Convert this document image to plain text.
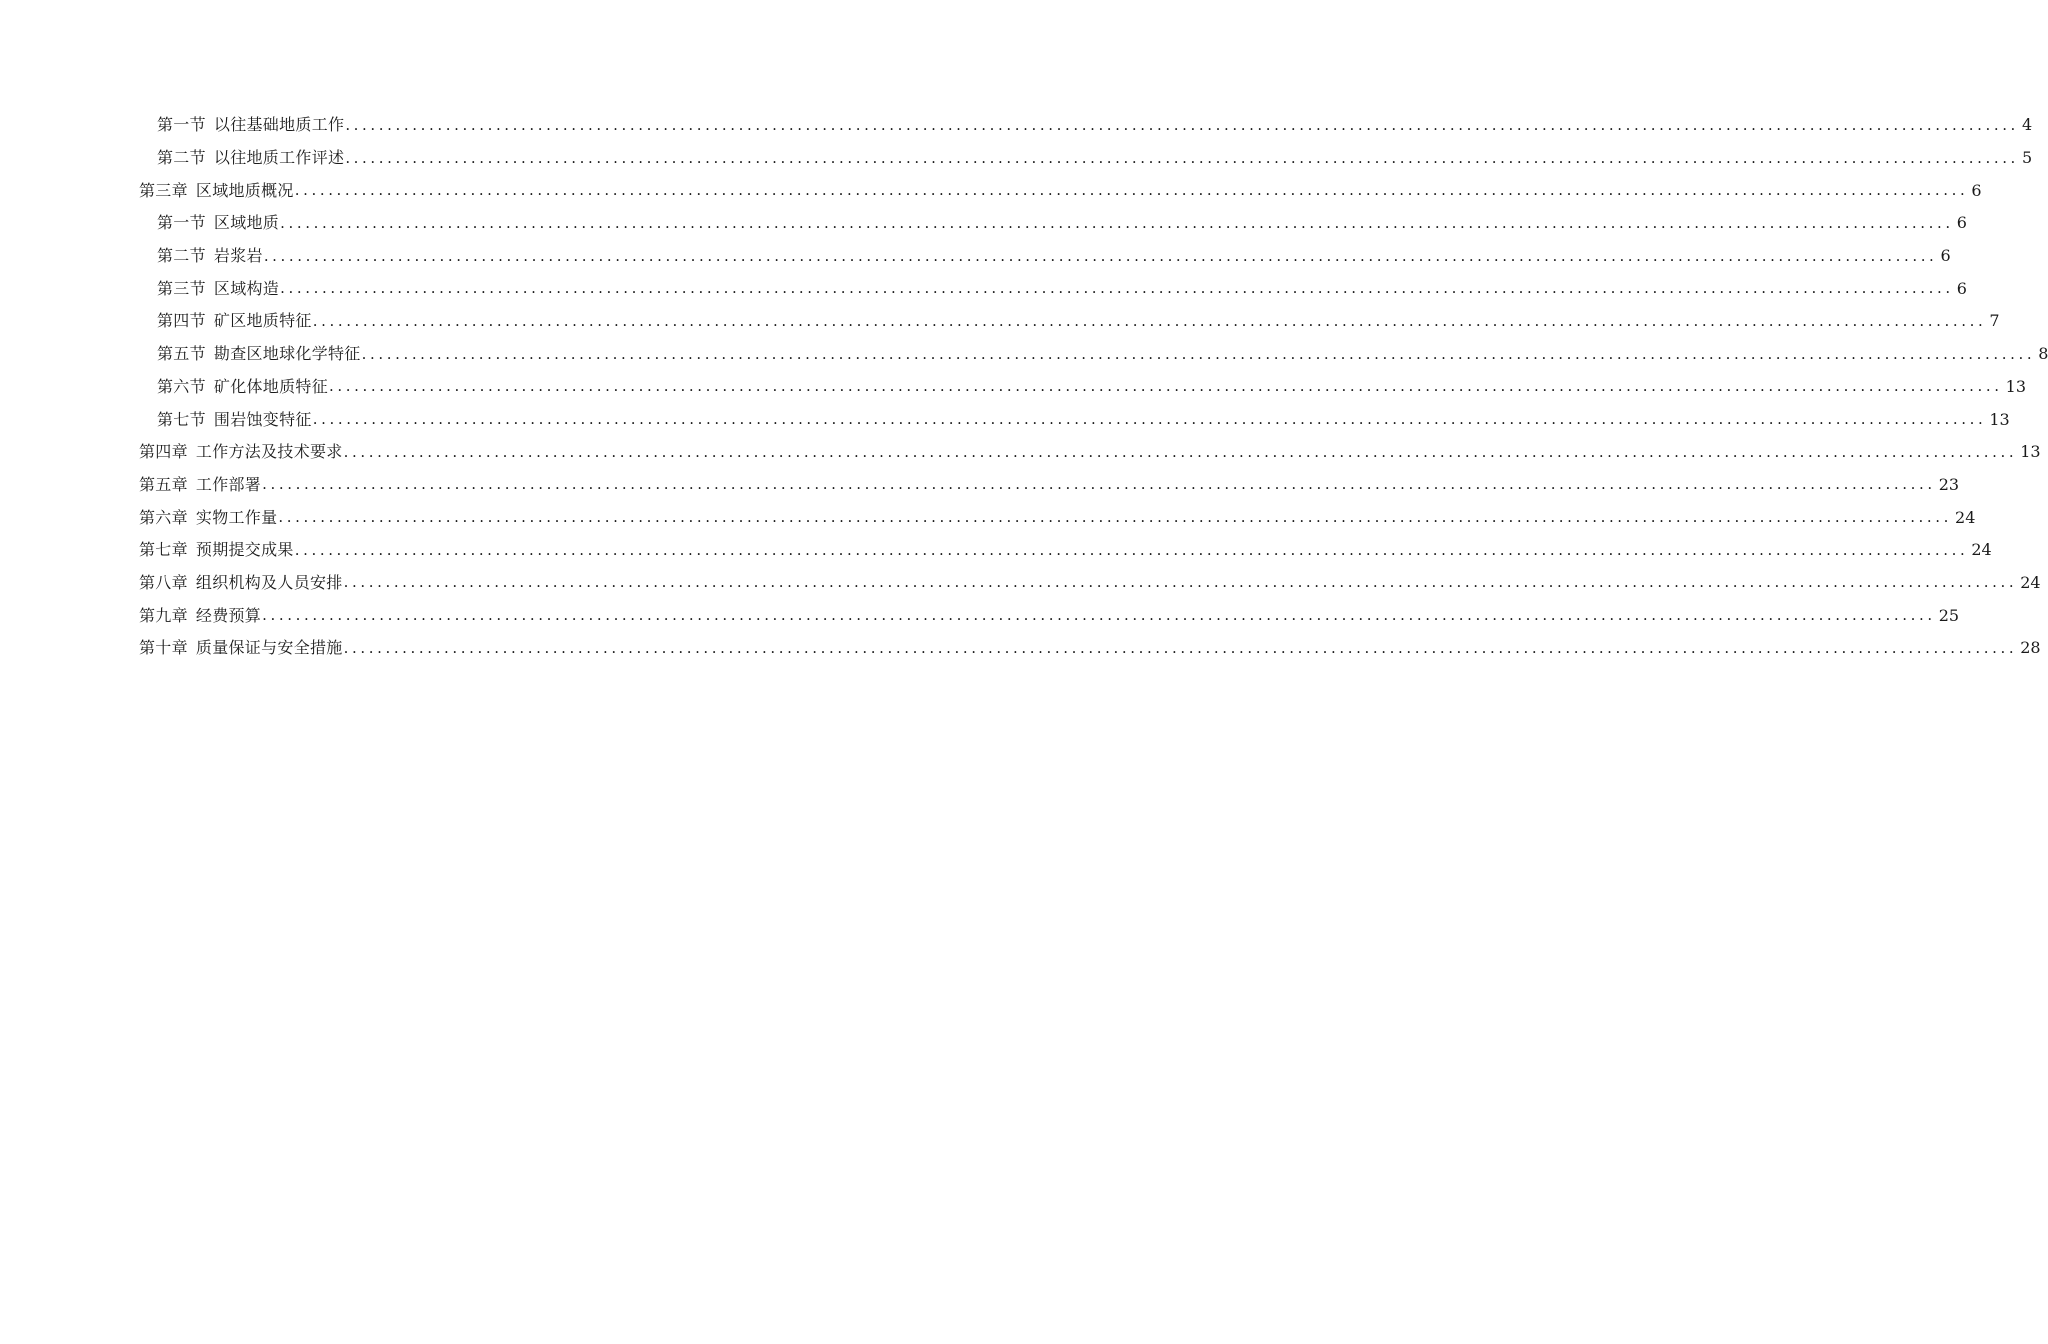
第一节 以往基础地质工作 ........................................................................................................................................................................................................ 4
第二节 以往地质工作评述 ........................................................................................................................................................................................................ 5
第三章 区域地质概况 ........................................................................................................................................................................................................ 6
第一节 区域地质 ........................................................................................................................................................................................................ 6
第二节 岩浆岩 ........................................................................................................................................................................................................ 6
第三节 区域构造 ........................................................................................................................................................................................................ 6
第四节 矿区地质特征 ........................................................................................................................................................................................................ 7
第五节 勘查区地球化学特征 ........................................................................................................................................................................................................ 8
第六节 矿化体地质特征 ........................................................................................................................................................................................................ 13
第七节 围岩蚀变特征 ........................................................................................................................................................................................................ 13
第四章 工作方法及技术要求 ........................................................................................................................................................................................................ 13
第五章 工作部署 ........................................................................................................................................................................................................ 23
第六章 实物工作量 ........................................................................................................................................................................................................ 24
第七章 预期提交成果 ........................................................................................................................................................................................................ 24
第八章 组织机构及人员安排 ........................................................................................................................................................................................................ 24
第九章 经费预算 ........................................................................................................................................................................................................ 25
第十章 质量保证与安全措施 ........................................................................................................................................................................................................ 28
